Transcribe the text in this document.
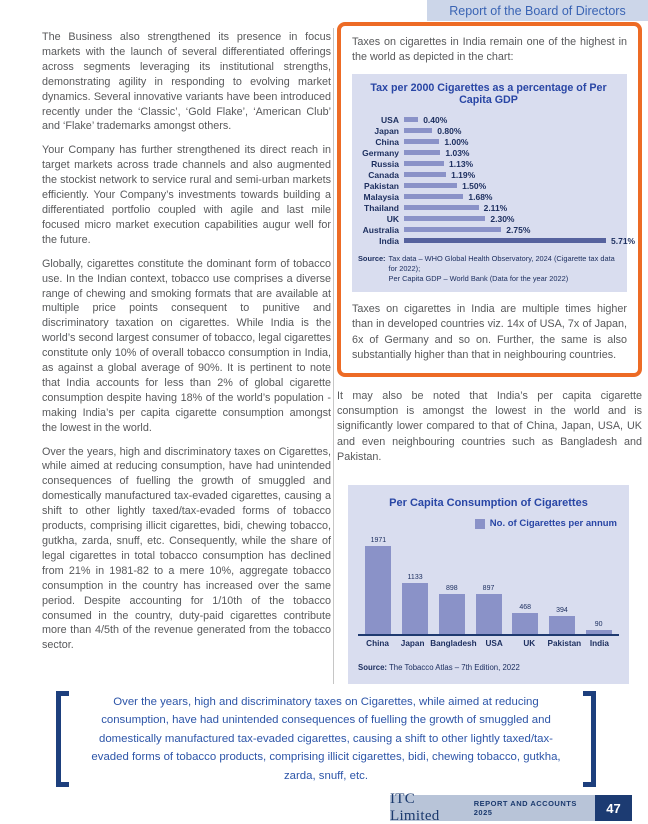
Report of the Board of Directors

The Business also strengthened its presence in focus markets with the launch of several differentiated offerings across segments leveraging its institutional strengths, demonstrating agility in responding to evolving market dynamics. Several innovative variants have been introduced recently under the ‘Classic’, ‘Gold Flake’, ‘American Club’ and ‘Flake’ trademarks amongst others.

Your Company has further strengthened its direct reach in target markets across trade channels and also augmented the stockist network to service rural and semi-urban markets efficiently. Your Company’s investments towards building a differentiated portfolio coupled with agile and last mile focused micro market execution capabilities augur well for the future.

Globally, cigarettes constitute the dominant form of tobacco use. In the Indian context, tobacco use comprises a diverse range of chewing and smoking formats that are available at multiple price points consequent to punitive and discriminatory taxation on cigarettes. While India is the world’s second largest consumer of tobacco, legal cigarettes constitute only 10% of overall tobacco consumption in India, as against a global average of 90%. It is pertinent to note that India accounts for less than 2% of global cigarette consumption despite having 18% of the world’s population - making India’s per capita cigarette consumption amongst the lowest in the world.

Over the years, high and discriminatory taxes on Cigarettes, while aimed at reducing consumption, have had unintended consequences of fuelling the growth of smuggled and domestically manufactured tax-evaded cigarettes, causing a shift to other lightly taxed/tax-evaded forms of tobacco products, comprising illicit cigarettes, bidi, chewing tobacco, gutkha, zarda, snuff, etc. Consequently, while the share of legal cigarettes in total tobacco consumption has declined from 21% in 1981-82 to a mere 10%, aggregate tobacco consumption in the country has increased over the same period. Despite accounting for 1/10th of the tobacco consumed in the country, duty-paid cigarettes contribute more than 4/5th of the revenue generated from the tobacco sector.

Taxes on cigarettes in India remain one of the highest in the world as depicted in the chart:

Tax per 2000 Cigarettes as a percentage of Per Capita GDP
USA	0.40%
Japan	0.80%
China	1.00%
Germany	1.03%
Russia	1.13%
Canada	1.19%
Pakistan	1.50%
Malaysia	1.68%
Thailand	2.11%
UK	2.30%
Australia	2.75%
India	5.71%
Source: Tax data – WHO Global Health Observatory, 2024 (Cigarette tax data for 2022);
Per Capita GDP – World Bank (Data for the year 2022)

Taxes on cigarettes in India are multiple times higher than in developed countries viz. 14x of USA, 7x of Japan, 6x of Germany and so on. Further, the same is also substantially higher than that in neighbouring countries.

It may also be noted that India’s per capita cigarette consumption is amongst the lowest in the world and is significantly lower compared to that of China, Japan, USA, UK and even neighbouring countries such as Bangladesh and Pakistan.

Per Capita Consumption of Cigarettes
No. of Cigarettes per annum
1971
1133
898	897
468	394
90
China	Japan Bangladesh	USA	UK	Pakistan	India
Source: The Tobacco Atlas – 7th Edition, 2022

Over the years, high and discriminatory taxes on Cigarettes, while aimed at reducing consumption, have had unintended consequences of fuelling the growth of smuggled and domestically manufactured tax-evaded cigarettes, causing a shift to other lightly taxed/tax-evaded forms of tobacco products, comprising illicit cigarettes, bidi, chewing tobacco, gutkha, zarda, snuff, etc.

ITC Limited
REPORT AND ACCOUNTS 2025	47
